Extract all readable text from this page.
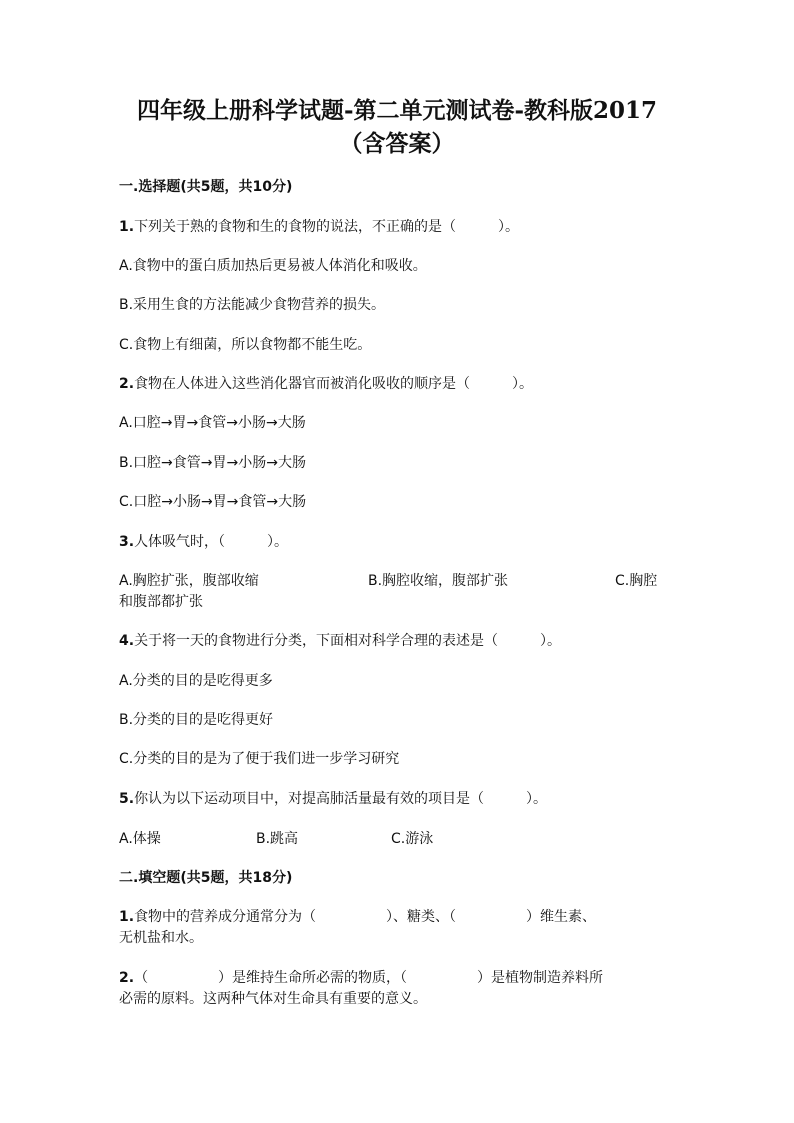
四年级上册科学试题-第二单元测试卷-教科版2017
（含答案）
一.选择题(共5题，共10分)
1.下列关于熟的食物和生的食物的说法，不正确的是（　　　）。
A.食物中的蛋白质加热后更易被人体消化和吸收。
B.采用生食的方法能减少食物营养的损失。
C.食物上有细菌，所以食物都不能生吃。
2.食物在人体进入这些消化器官而被消化吸收的顺序是（　　　）。
A.口腔→胃→食管→小肠→大肠
B.口腔→食管→胃→小肠→大肠
C.口腔→小肠→胃→食管→大肠
3.人体吸气时，（　　　）。
A.胸腔扩张，腹部收缩	B.胸腔收缩，腹部扩张	C.胸腔
和腹部都扩张
4.关于将一天的食物进行分类，下面相对科学合理的表述是（　　　）。
A.分类的目的是吃得更多
B.分类的目的是吃得更好
C.分类的目的是为了便于我们进一步学习研究
5.你认为以下运动项目中，对提高肺活量最有效的项目是（　　　）。
A.体操	B.跳高	C.游泳
二.填空题(共5题，共18分)
1.食物中的营养成分通常分为（　　　　　）、糖类、（　　　　　）维生素、
无机盐和水。
2.（　　　　　）是维持生命所必需的物质，（　　　　　）是植物制造养料所
必需的原料。这两种气体对生命具有重要的意义。
